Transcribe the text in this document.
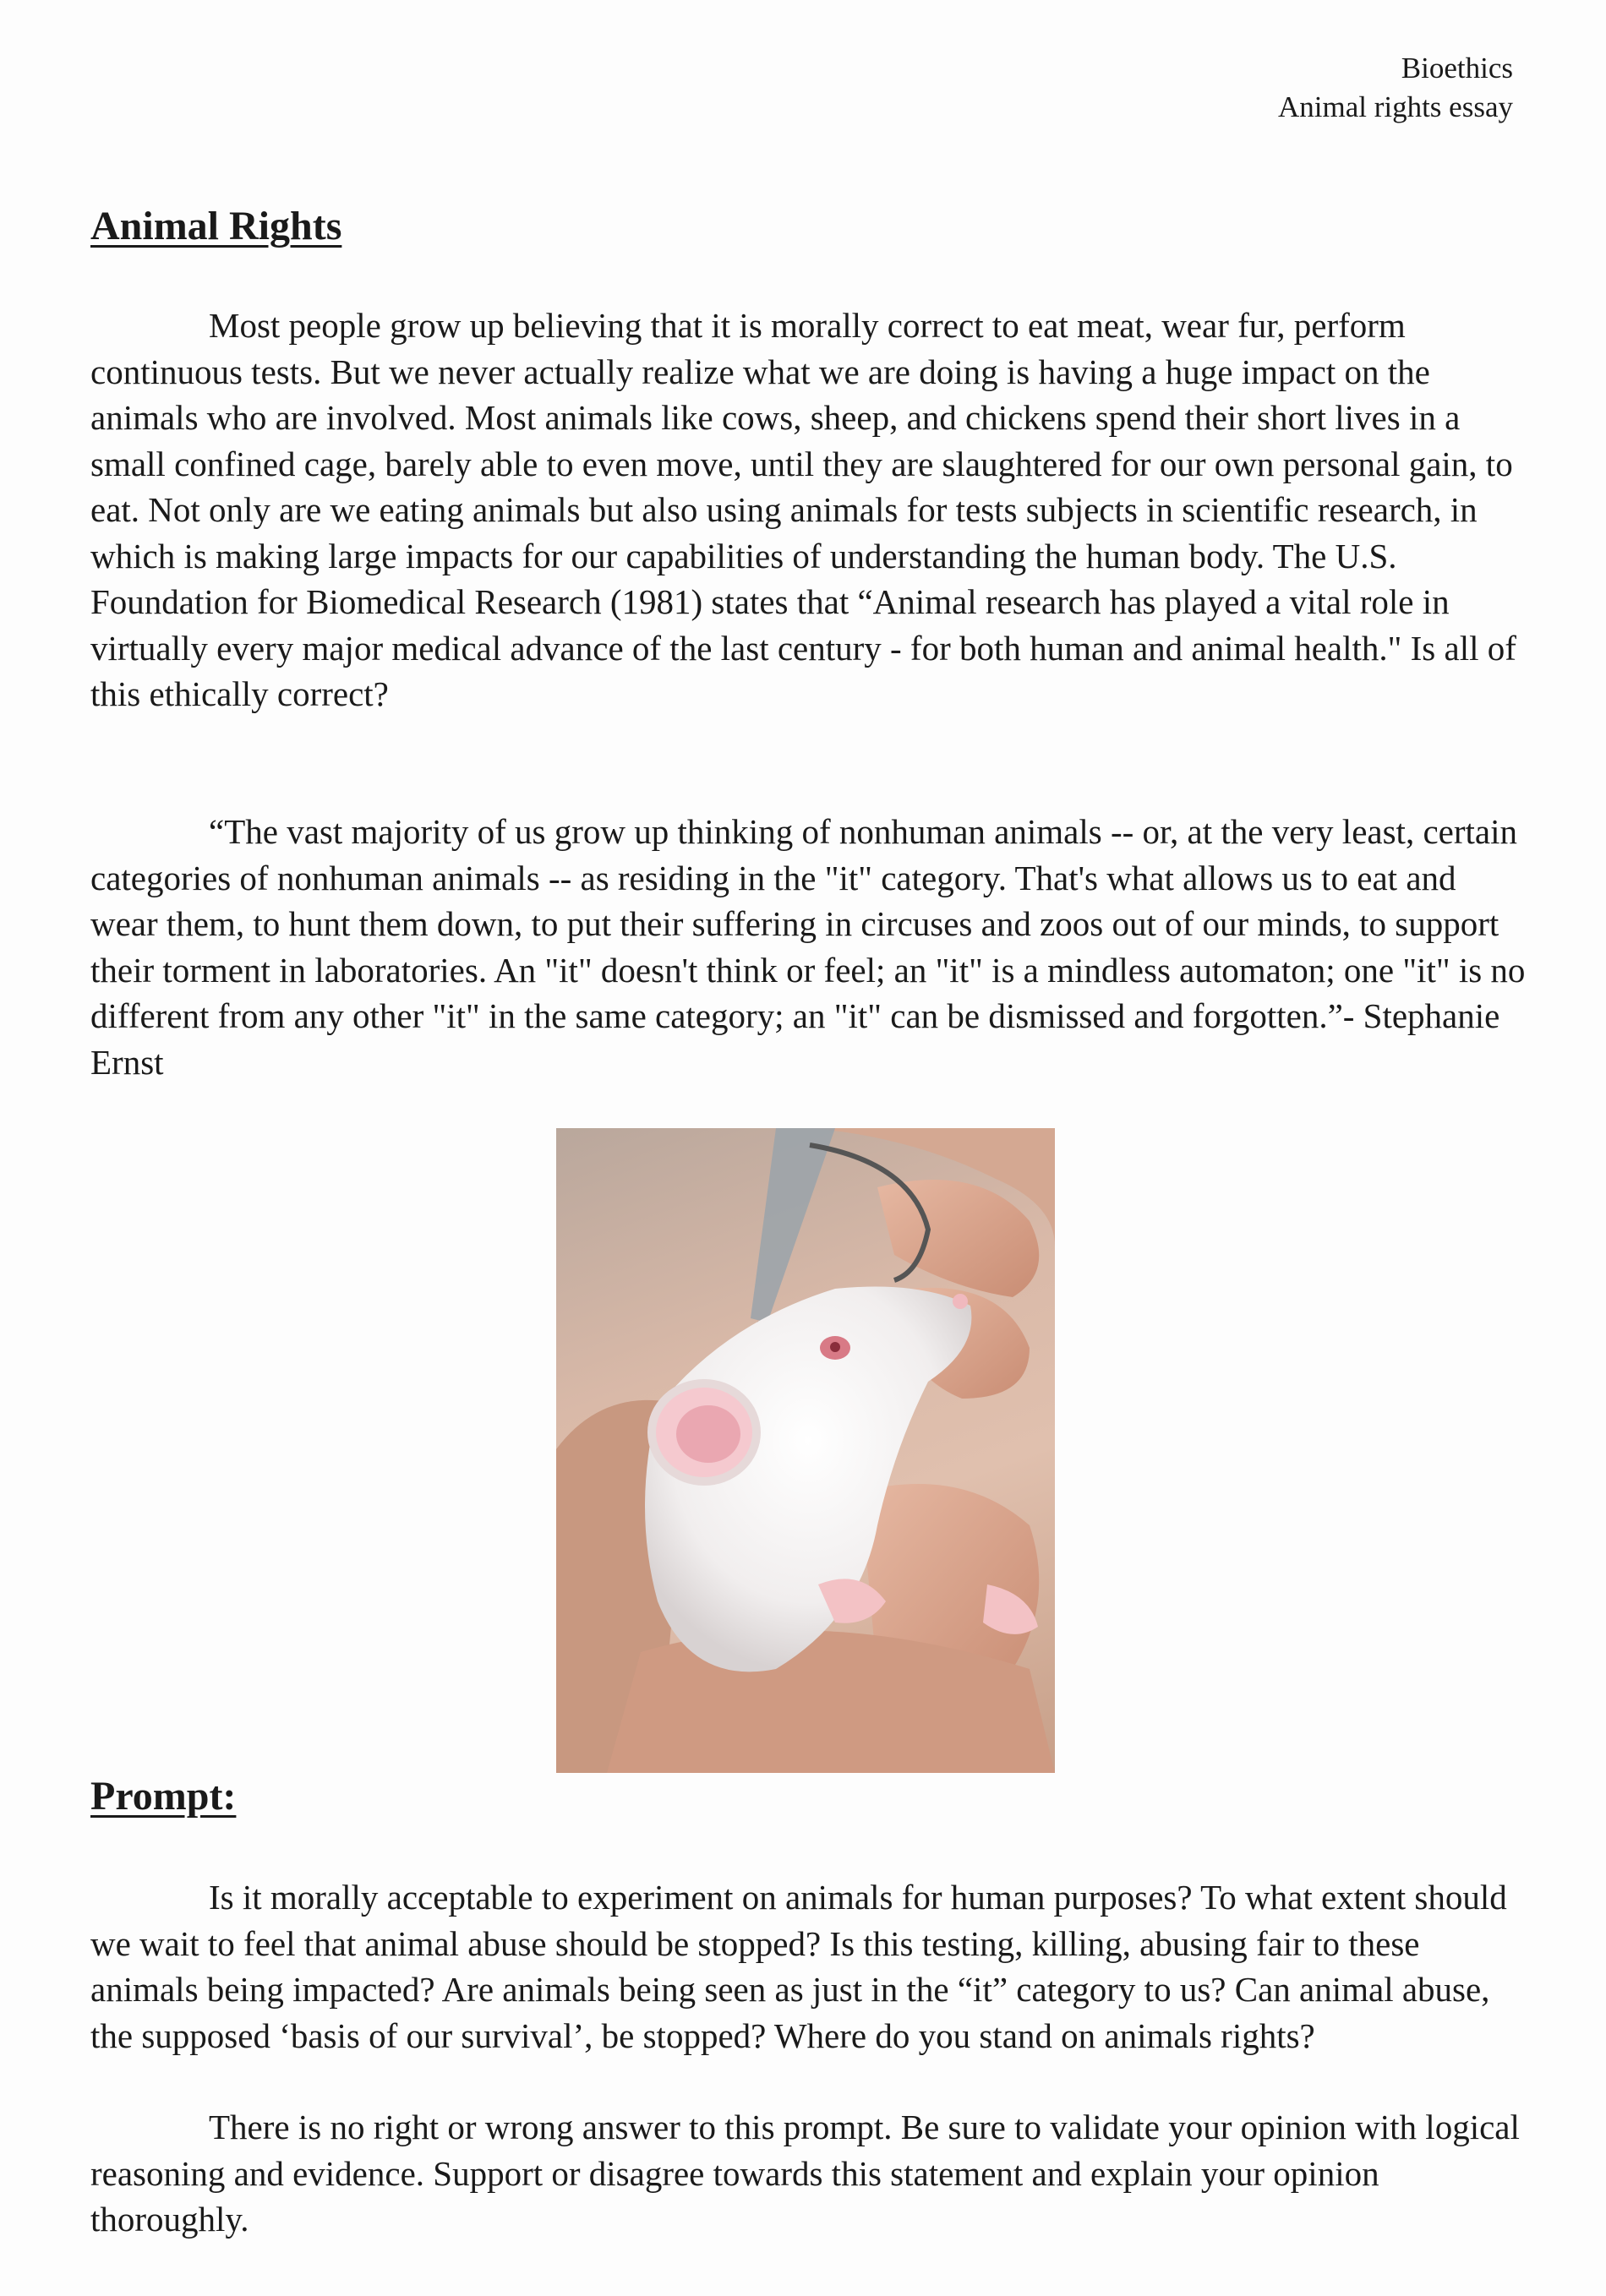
Bioethics
Animal rights essay
Animal Rights

Most people grow up believing that it is morally correct to eat meat, wear fur, perform continuous tests. But we never actually realize what we are doing is having a huge impact on the animals who are involved. Most animals like cows, sheep, and chickens spend their short lives in a small confined cage, barely able to even move, until they are slaughtered for our own personal gain, to eat. Not only are we eating animals but also using animals for tests subjects in scientific research, in which is making large impacts for our capabilities of understanding the human body. The U.S. Foundation for Biomedical Research (1981) states that “Animal research has played a vital role in virtually every major medical advance of the last century - for both human and animal health." Is all of this ethically correct?

“The vast majority of us grow up thinking of nonhuman animals -- or, at the very least, certain categories of nonhuman animals -- as residing in the "it" category. That's what allows us to eat and wear them, to hunt them down, to put their suffering in circuses and zoos out of our minds, to support their torment in laboratories. An "it" doesn't think or feel; an "it" is a mindless automaton; one "it" is no different from any other "it" in the same category; an "it" can be dismissed and forgotten.”- Stephanie Ernst

Prompt:

Is it morally acceptable to experiment on animals for human purposes? To what extent should we wait to feel that animal abuse should be stopped? Is this testing, killing, abusing fair to these animals being impacted? Are animals being seen as just in the “it” category to us? Can animal abuse, the supposed ‘basis of our survival’, be stopped? Where do you stand on animals rights?

There is no right or wrong answer to this prompt. Be sure to validate your opinion with logical reasoning and evidence. Support or disagree towards this statement and explain your opinion thoroughly.
